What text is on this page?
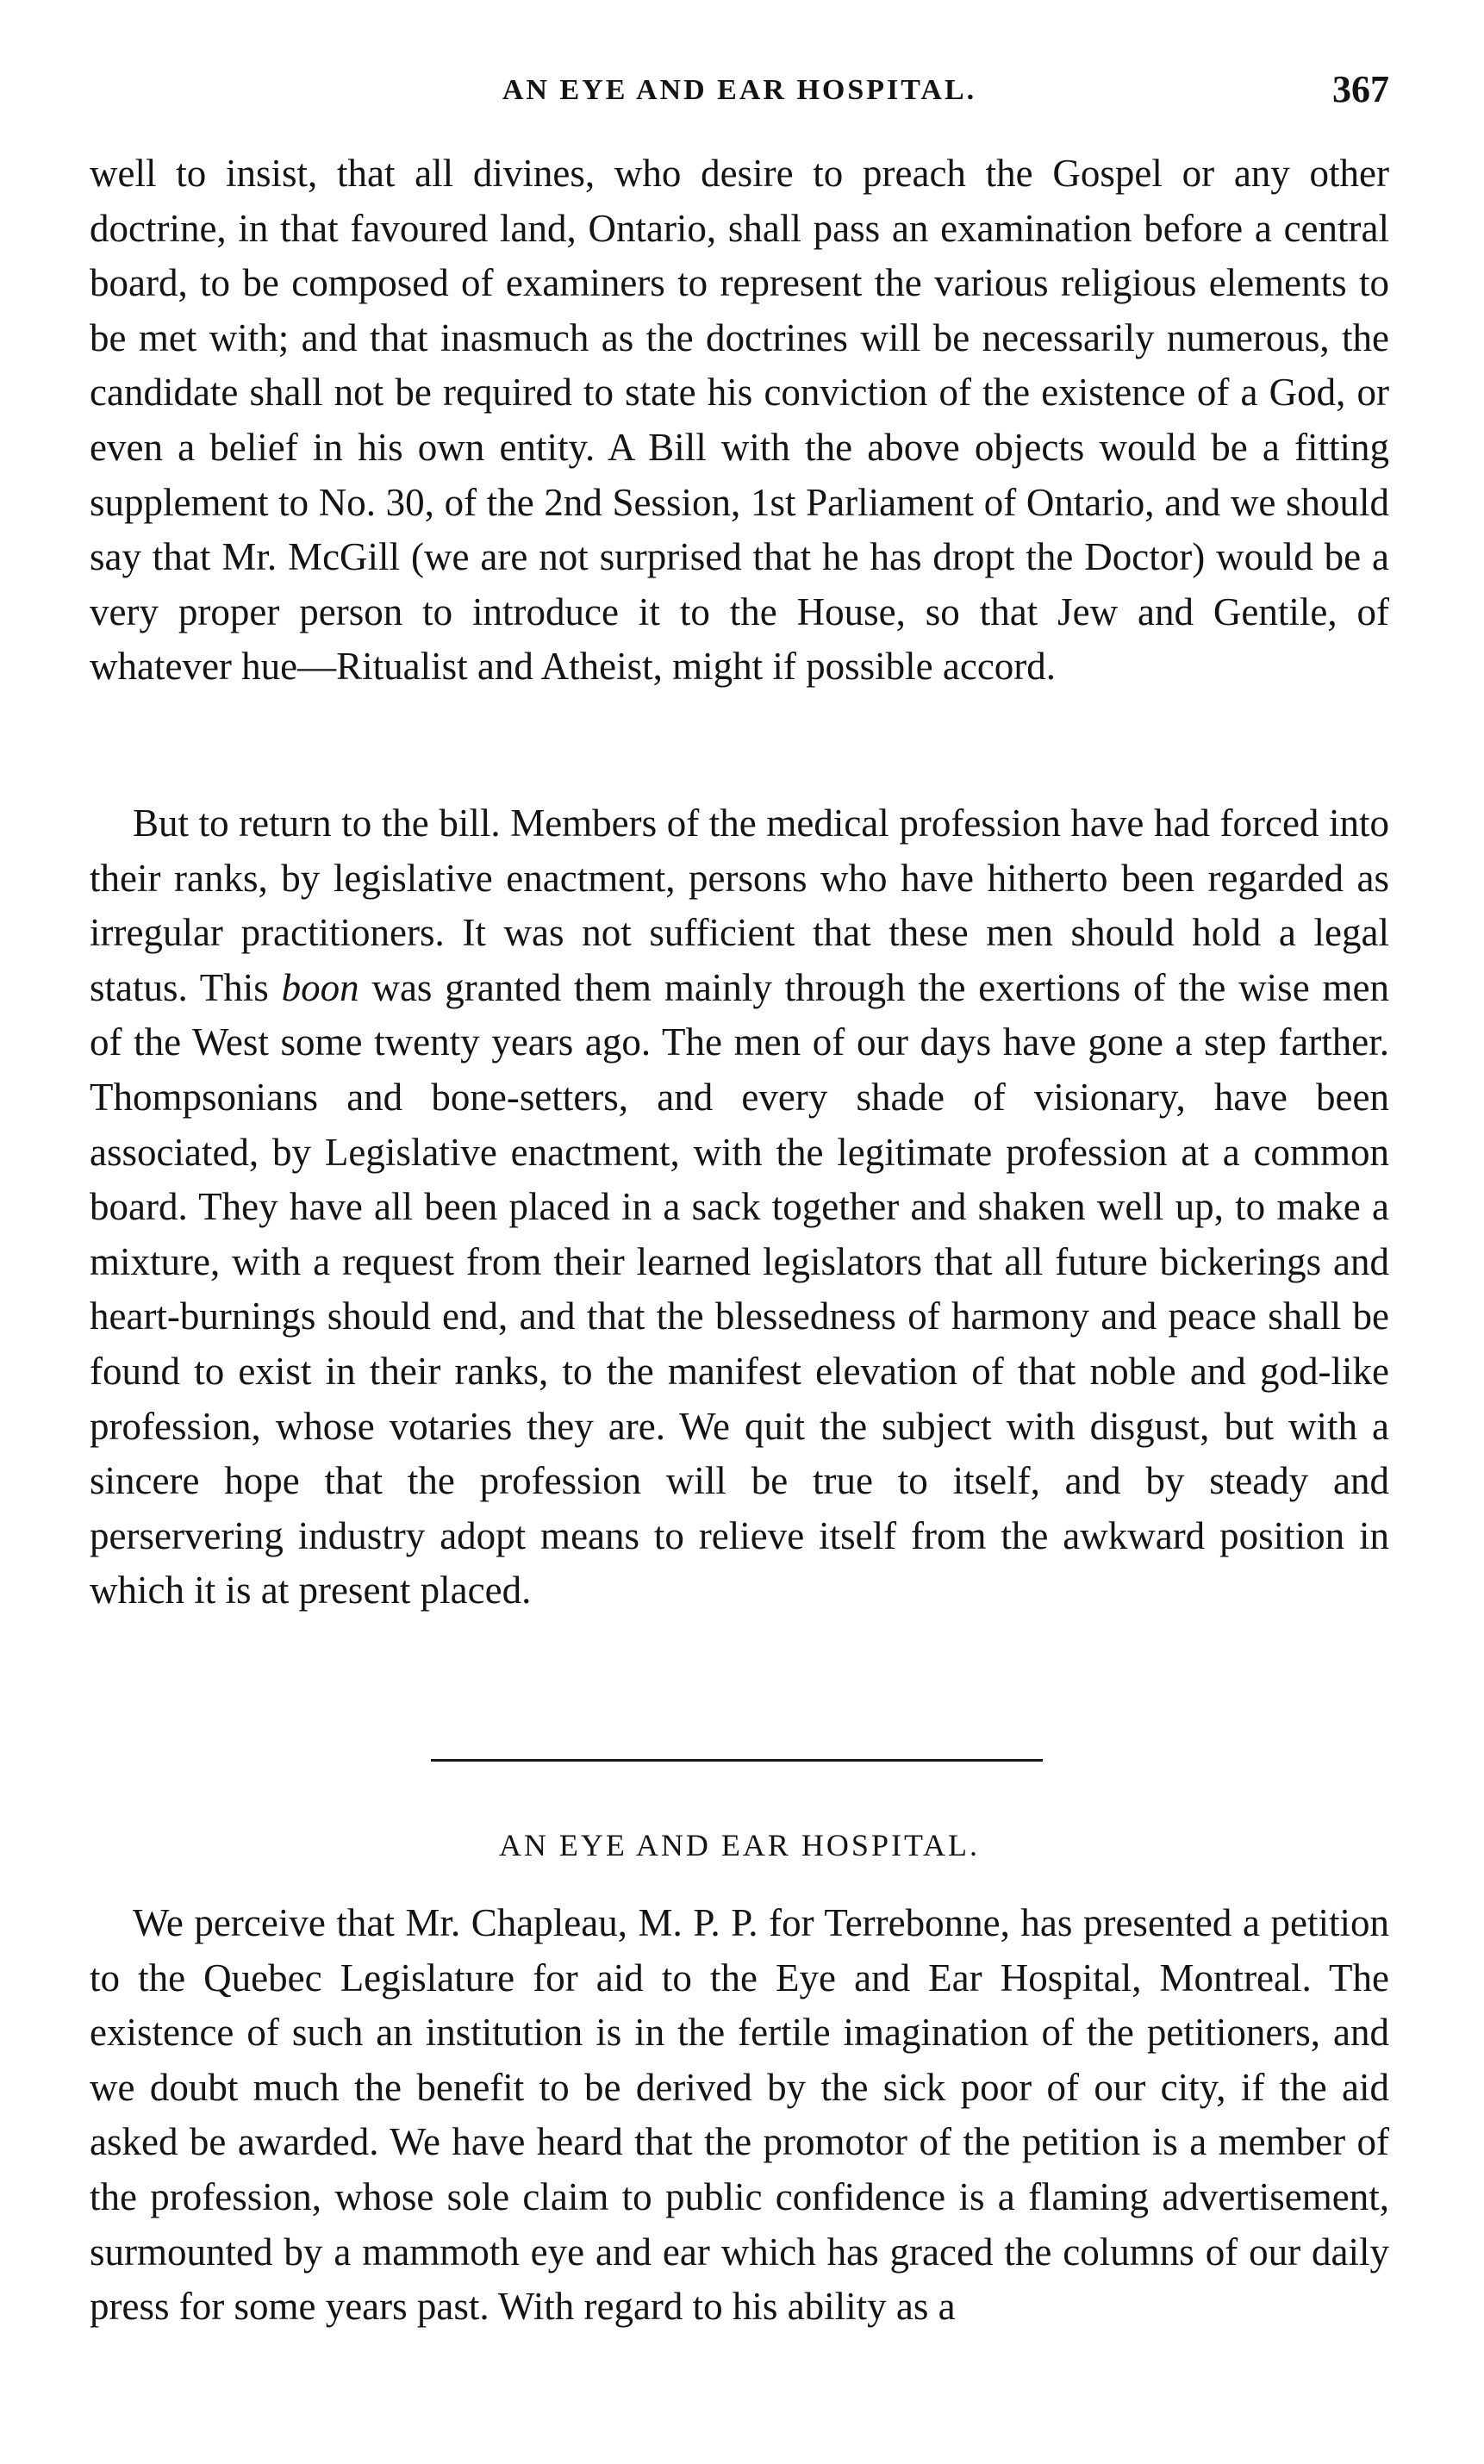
AN EYE AND EAR HOSPITAL.	367

well to insist, that all divines, who desire to preach the Gospel or any other doctrine, in that favoured land, Ontario, shall pass an examination before a central board, to be composed of examiners to represent the various religious elements to be met with; and that inasmuch as the doctrines will be necessarily numerous, the candidate shall not be required to state his conviction of the existence of a God, or even a belief in his own entity. A Bill with the above objects would be a fitting supplement to No. 30, of the 2nd Session, 1st Parliament of Ontario, and we should say that Mr. McGill (we are not surprised that he has dropt the Doctor) would be a very proper person to introduce it to the House, so that Jew and Gentile, of whatever hue—Ritualist and Atheist, might if possible accord.

But to return to the bill. Members of the medical profession have had forced into their ranks, by legislative enactment, persons who have hitherto been regarded as irregular practitioners. It was not sufficient that these men should hold a legal status. This boon was granted them mainly through the exertions of the wise men of the West some twenty years ago. The men of our days have gone a step farther. Thompsonians and bone-setters, and every shade of visionary, have been associated, by Legislative enactment, with the legitimate profession at a common board. They have all been placed in a sack together and shaken well up, to make a mixture, with a request from their learned legislators that all future bickerings and heart-burnings should end, and that the blessedness of harmony and peace shall be found to exist in their ranks, to the manifest elevation of that noble and god-like profession, whose votaries they are. We quit the subject with disgust, but with a sincere hope that the profession will be true to itself, and by steady and perservering industry adopt means to relieve itself from the awkward position in which it is at present placed.

AN EYE AND EAR HOSPITAL.

We perceive that Mr. Chapleau, M. P. P. for Terrebonne, has presented a petition to the Quebec Legislature for aid to the Eye and Ear Hospital, Montreal. The existence of such an institution is in the fertile imagination of the petitioners, and we doubt much the benefit to be derived by the sick poor of our city, if the aid asked be awarded. We have heard that the promotor of the petition is a member of the profession, whose sole claim to public confidence is a flaming advertisement, surmounted by a mammoth eye and ear which has graced the columns of our daily press for some years past. With regard to his ability as a
